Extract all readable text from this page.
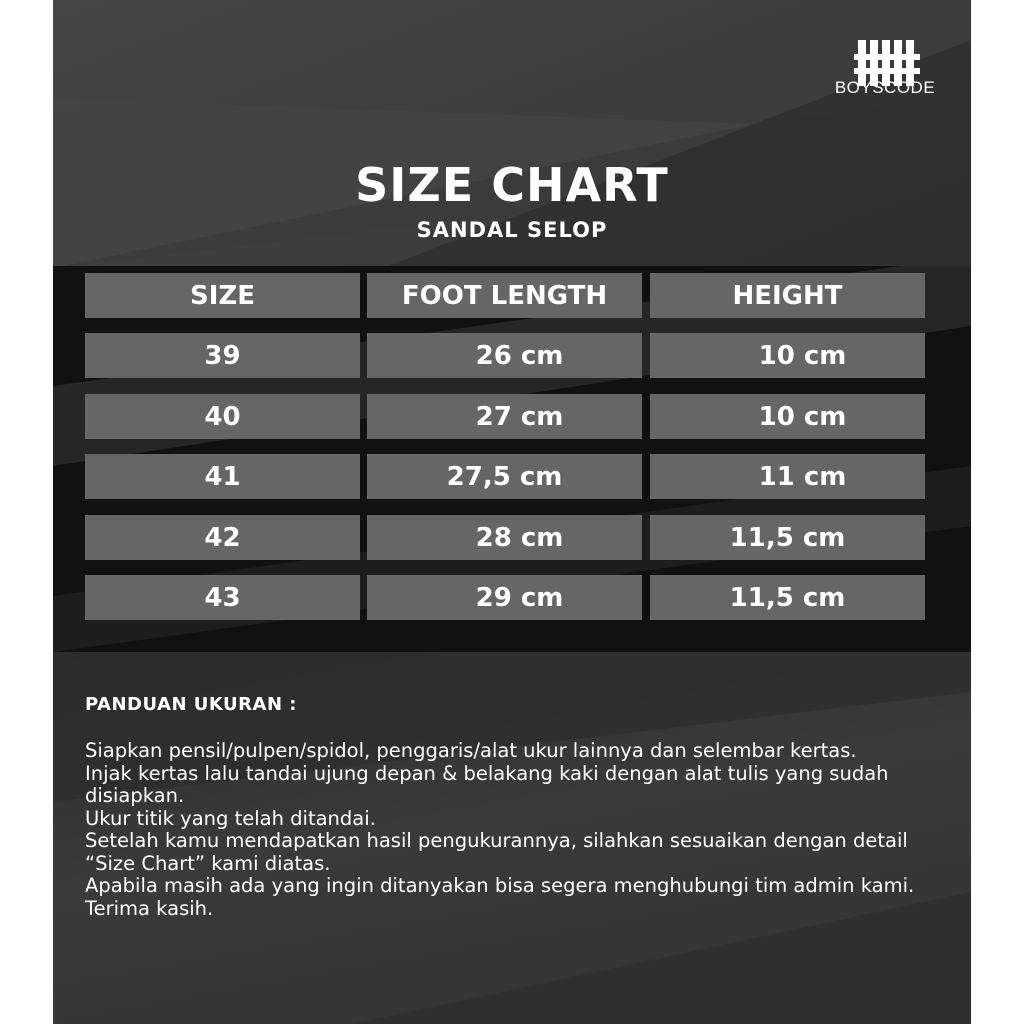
BOYSCODE
SIZE CHART
SANDAL SELOP
SIZE	FOOT LENGTH	HEIGHT
39	26 cm	10 cm
40	27 cm	10 cm
41	27,5 cm	11 cm
42	28 cm	11,5 cm
43	29 cm	11,5 cm
PANDUAN UKURAN :

Siapkan pensil/pulpen/spidol, penggaris/alat ukur lainnya dan selembar kertas.

Injak kertas lalu tandai ujung depan & belakang kaki dengan alat tulis yang sudah disiapkan.

Ukur titik yang telah ditandai.

Setelah kamu mendapatkan hasil pengukurannya, silahkan sesuaikan dengan detail “Size Chart” kami diatas.

Apabila masih ada yang ingin ditanyakan bisa segera menghubungi tim admin kami.

Terima kasih.
